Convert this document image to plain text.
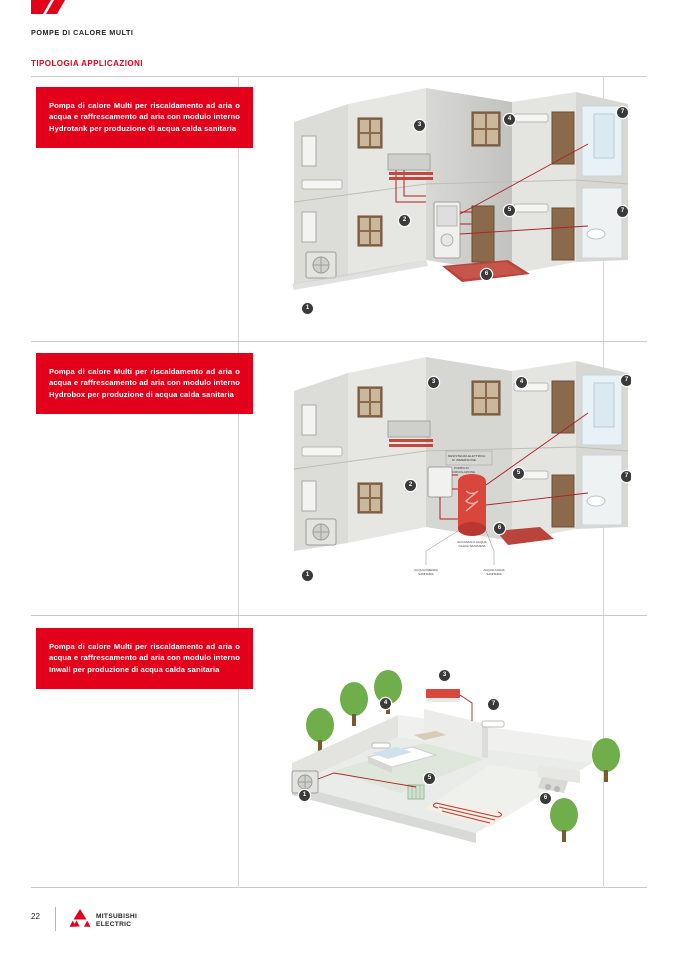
POMPE DI CALORE MULTI
TIPOLOGIA APPLICAZIONI
Pompa di calore Multi per riscaldamento ad aria o acqua e raffrescamento ad aria con modulo interno Hydrotank per produzione di acqua calda sanitaria
1
2
3
4
5
6
7
7
Pompa di calore Multi per riscaldamento ad aria o acqua e raffrescamento ad aria con modulo interno Hydrobox per produzione di acqua calda sanitaria
RESISTENZA ELETTRICA
DI IMMERSIONE
POMPA DI
CIRCOLAZIONE
ACQUA FREDDA
SANITARIA
ACQUA CALDA
SANITARIA
ACCUMULO ACQUA
CALDA SANITARIA
1
2
3	4
5
6
7
7
Pompa di calore Multi per riscaldamento ad aria o acqua e raffrescamento ad aria con modulo interno Inwall per produzione di acqua calda sanitaria
1
3
4
5
6
7
22	MITSUBISHI
ELECTRIC
